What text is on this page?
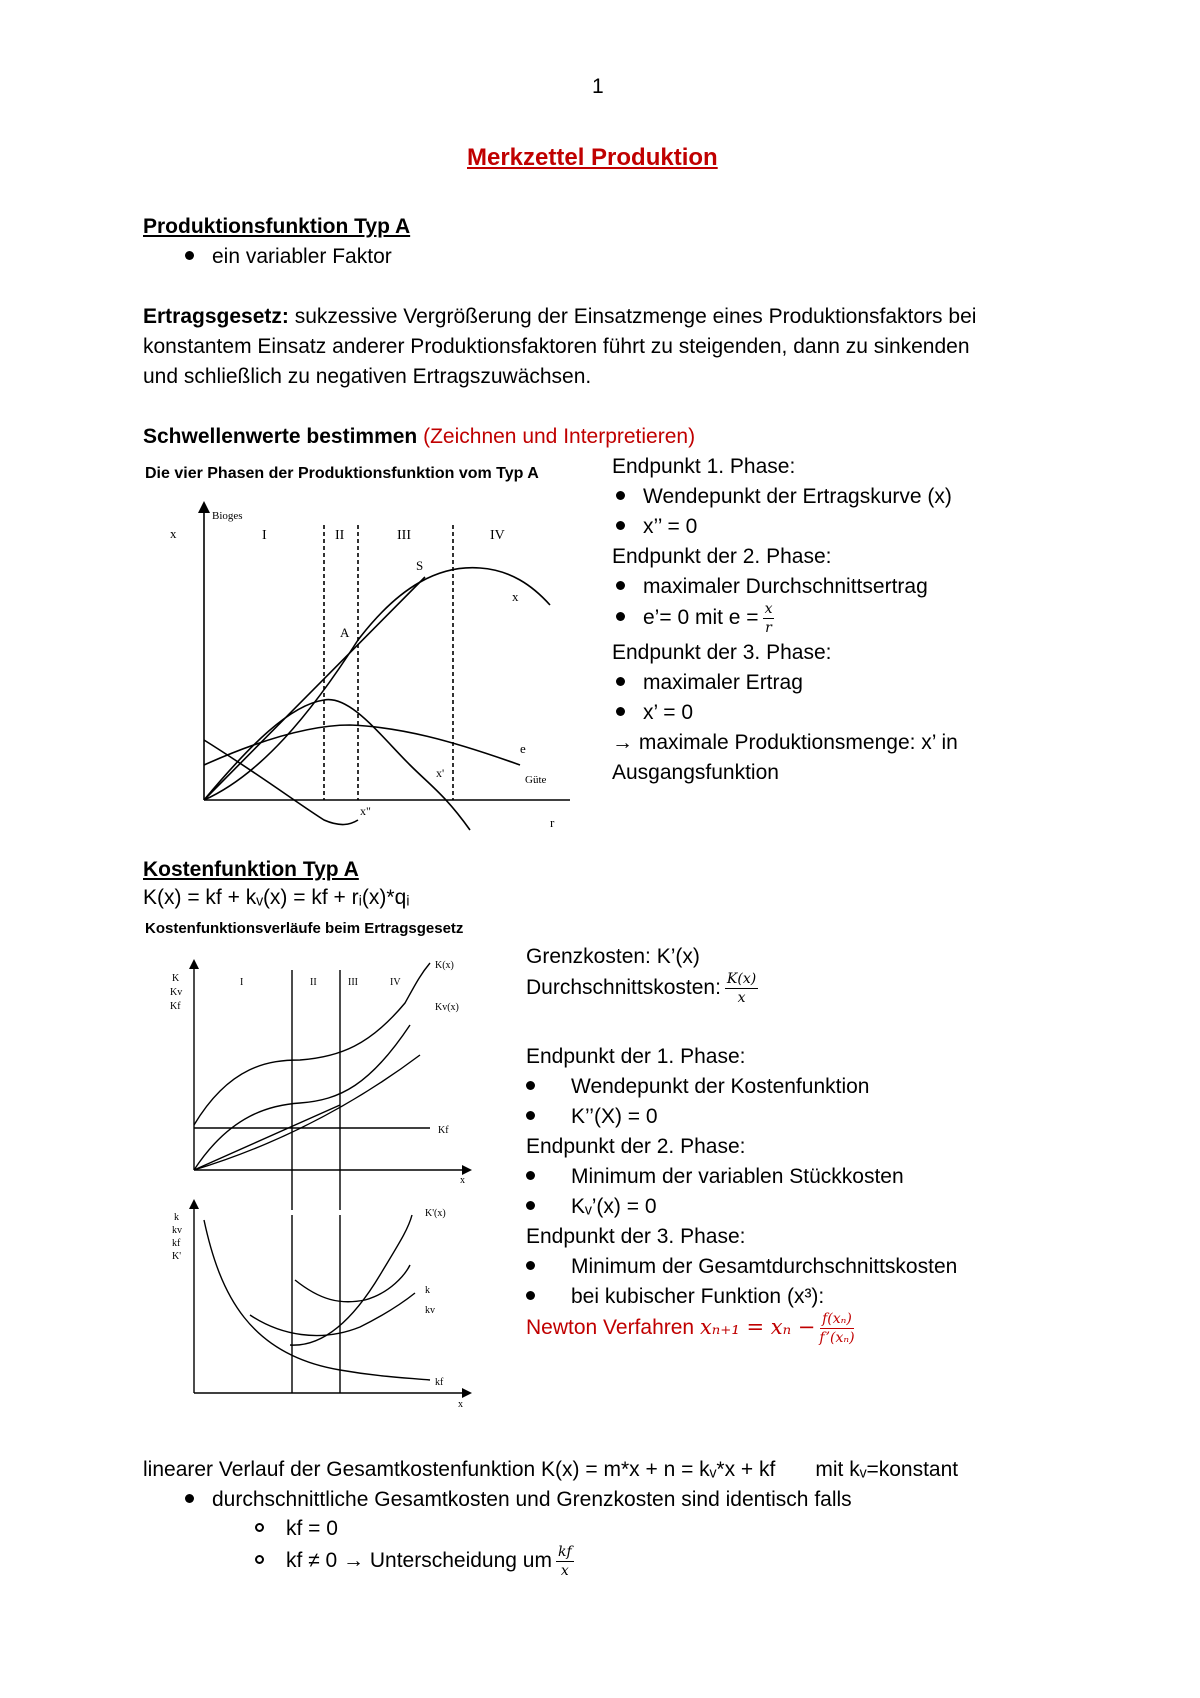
1
Merkzettel Produktion
Produktionsfunktion Typ A
ein variabler Faktor
Ertragsgesetz: sukzessive Vergrößerung der Einsatzmenge eines Produktionsfaktors bei
konstantem Einsatz anderer Produktionsfaktoren führt zu steigenden, dann zu sinkenden
und schließlich zu negativen Ertragszuwächsen.
Schwellenwerte bestimmen (Zeichnen und Interpretieren)
Die vier Phasen der Produktionsfunktion vom Typ A
x
Bioges
I	II	III	IV
S
A
x
e
x'
x"
Güte
r
Endpunkt 1. Phase:
Wendepunkt der Ertragskurve (x)
x’’ = 0
Endpunkt der 2. Phase:
maximaler Durchschnittsertrag
e’= 0 mit $e = \frac{x}{r}$
Endpunkt der 3. Phase:
maximaler Ertrag
x’ = 0
→ maximale Produktionsmenge: x’ in
Ausgangsfunktion
Kostenfunktion Typ A
K(x) = kf + kᵥ(x) = kf + rᵢ(x)*qᵢ
Kostenfunktionsverläufe beim Ertragsgesetz
K
Kv
Kf
I	II	III	IV
K(x)
Kv(x)
Kf
x
k
kv
kf
K'
K'(x)
k
kv
kf
x
Grenzkosten: K’(x)
Durchschnittskosten: $\frac{K(x)}{x}$
Endpunkt der 1. Phase:
Wendepunkt der Kostenfunktion
K’’(X) = 0
Endpunkt der 2. Phase:
Minimum der variablen Stückkosten
Kᵥ’(x) = 0
Endpunkt der 3. Phase:
Minimum der Gesamtdurchschnittskosten
bei kubischer Funktion (x³):
Newton Verfahren $x_{n+1} = x_n - \frac{\text{f(xₙ)}}{\text{f’(xₙ)}}$
linearer Verlauf der Gesamtkostenfunktion K(x) = m*x + n = kᵥ*x + kf mit kᵥ=konstant
durchschnittliche Gesamtkosten und Grenzkosten sind identisch falls
kf = 0
kf ≠ 0 → Unterscheidung um $\frac{kf}{x}$
